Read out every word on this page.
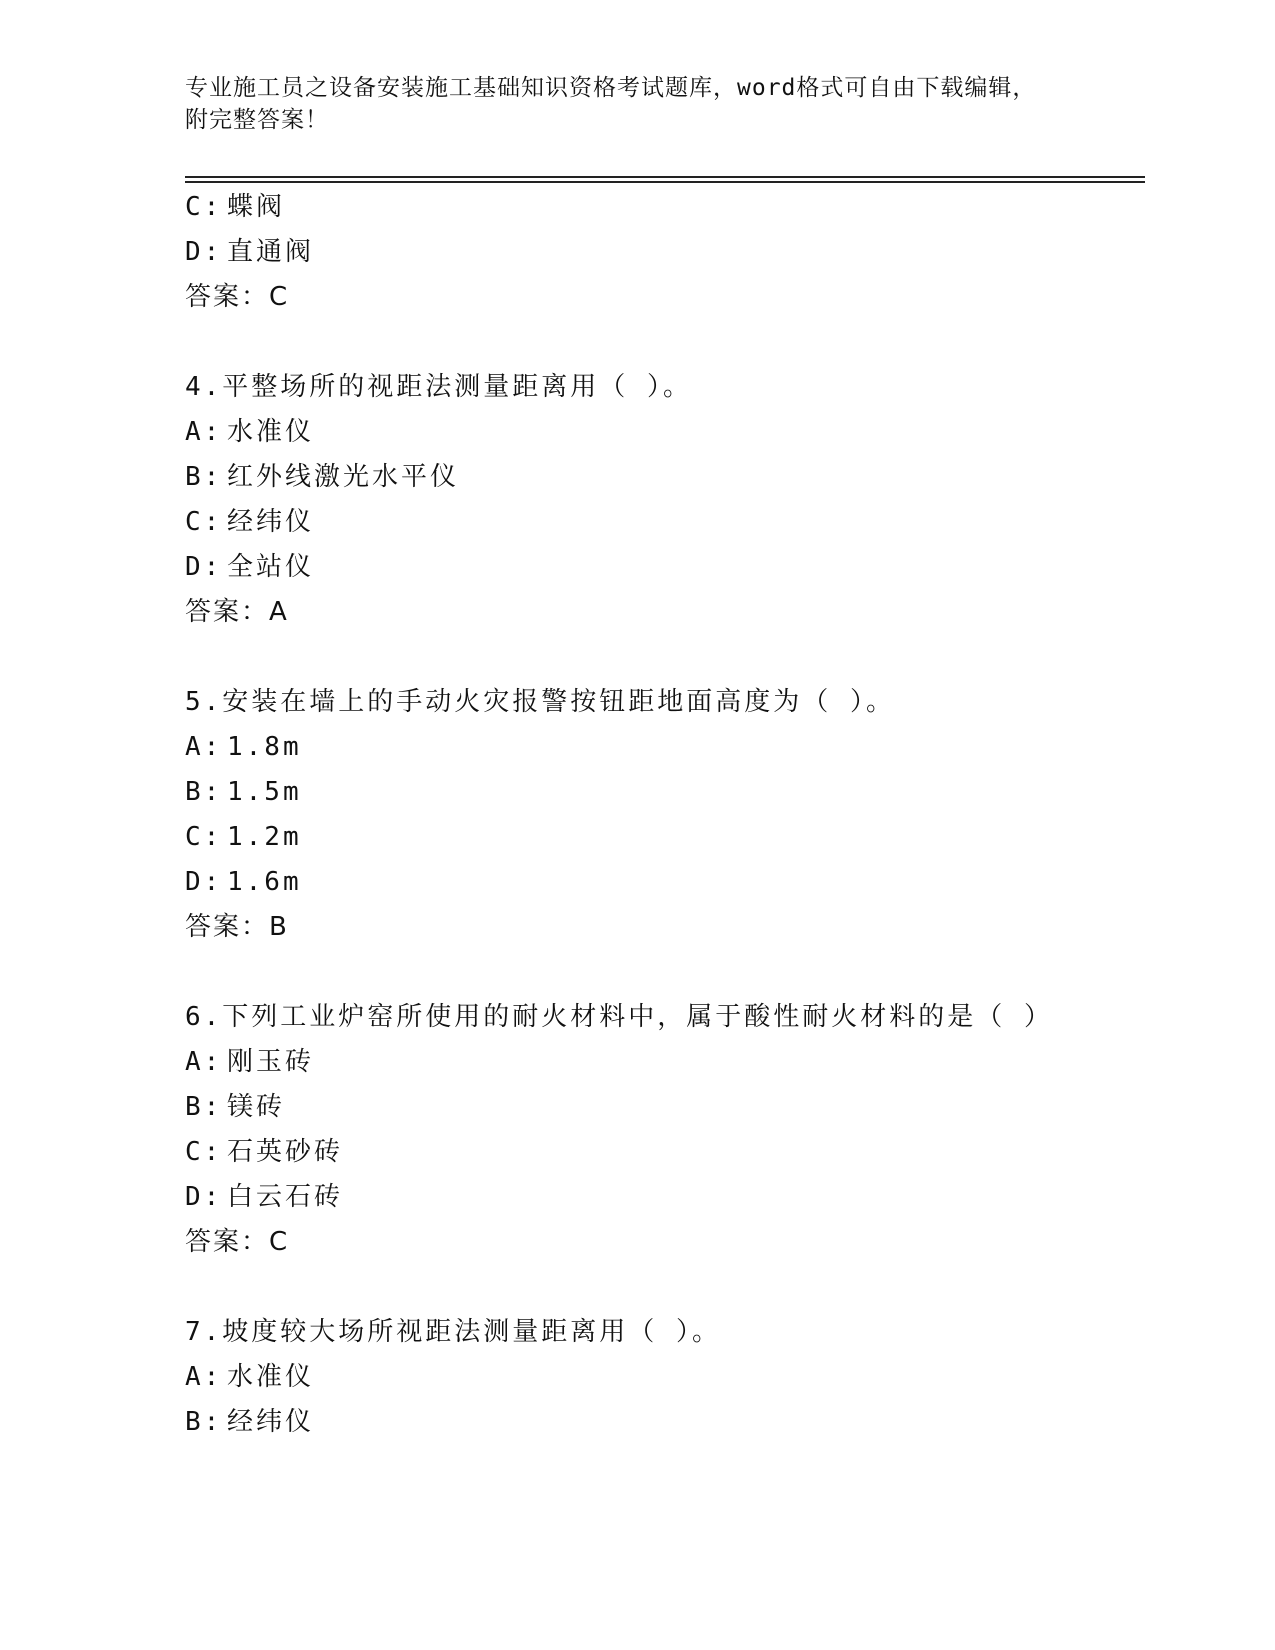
专业施工员之设备安装施工基础知识资格考试题库，word格式可自由下载编辑，
附完整答案！
C: 蝶阀
D: 直通阀
答案：C
4.平整场所的视距法测量距离用（ ）。
A: 水准仪
B: 红外线激光水平仪
C: 经纬仪
D: 全站仪
答案：A
5.安装在墙上的手动火灾报警按钮距地面高度为（ ）。
A: 1.8m
B: 1.5m
C: 1.2m
D: 1.6m
答案：B
6.下列工业炉窑所使用的耐火材料中，属于酸性耐火材料的是（ ）
A: 刚玉砖
B: 镁砖
C: 石英砂砖
D: 白云石砖
答案：C
7.坡度较大场所视距法测量距离用（ ）。
A: 水准仪
B: 经纬仪
